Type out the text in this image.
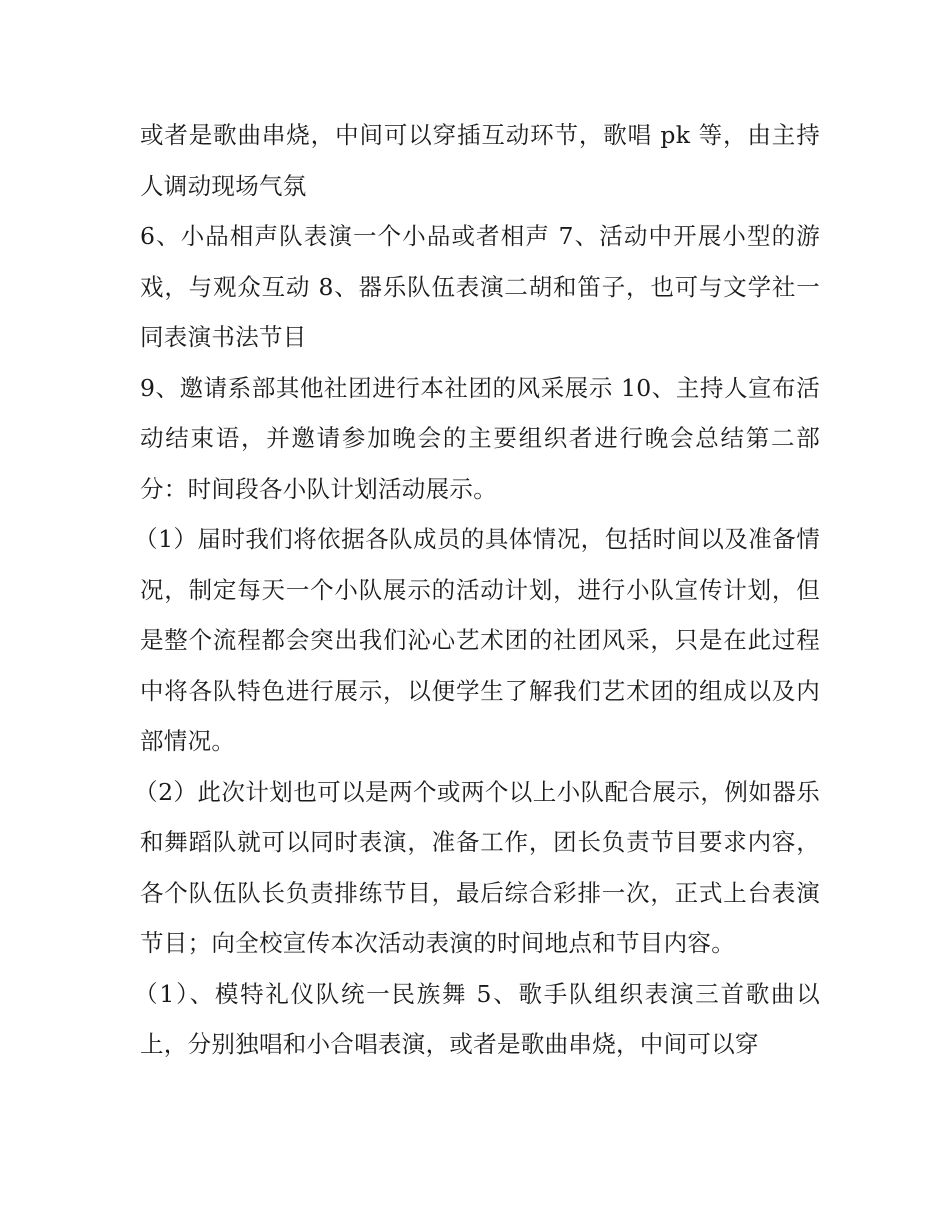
或者是歌曲串烧，中间可以穿插互动环节，歌唱 pk 等，由主持人调动现场气氛

6、小品相声队表演一个小品或者相声 7、活动中开展小型的游戏，与观众互动 8、器乐队伍表演二胡和笛子，也可与文学社一同表演书法节目

9、邀请系部其他社团进行本社团的风采展示 10、主持人宣布活动结束语，并邀请参加晚会的主要组织者进行晚会总结第二部分：时间段各小队计划活动展示。

（1）届时我们将依据各队成员的具体情况，包括时间以及准备情况，制定每天一个小队展示的活动计划，进行小队宣传计划，但是整个流程都会突出我们沁心艺术团的社团风采，只是在此过程中将各队特色进行展示，以便学生了解我们艺术团的组成以及内部情况。

（2）此次计划也可以是两个或两个以上小队配合展示，例如器乐和舞蹈队就可以同时表演，准备工作，团长负责节目要求内容，各个队伍队长负责排练节目，最后综合彩排一次，正式上台表演节目；向全校宣传本次活动表演的时间地点和节目内容。

（1）、模特礼仪队统一民族舞 5、歌手队组织表演三首歌曲以上，分别独唱和小合唱表演，或者是歌曲串烧，中间可以穿
